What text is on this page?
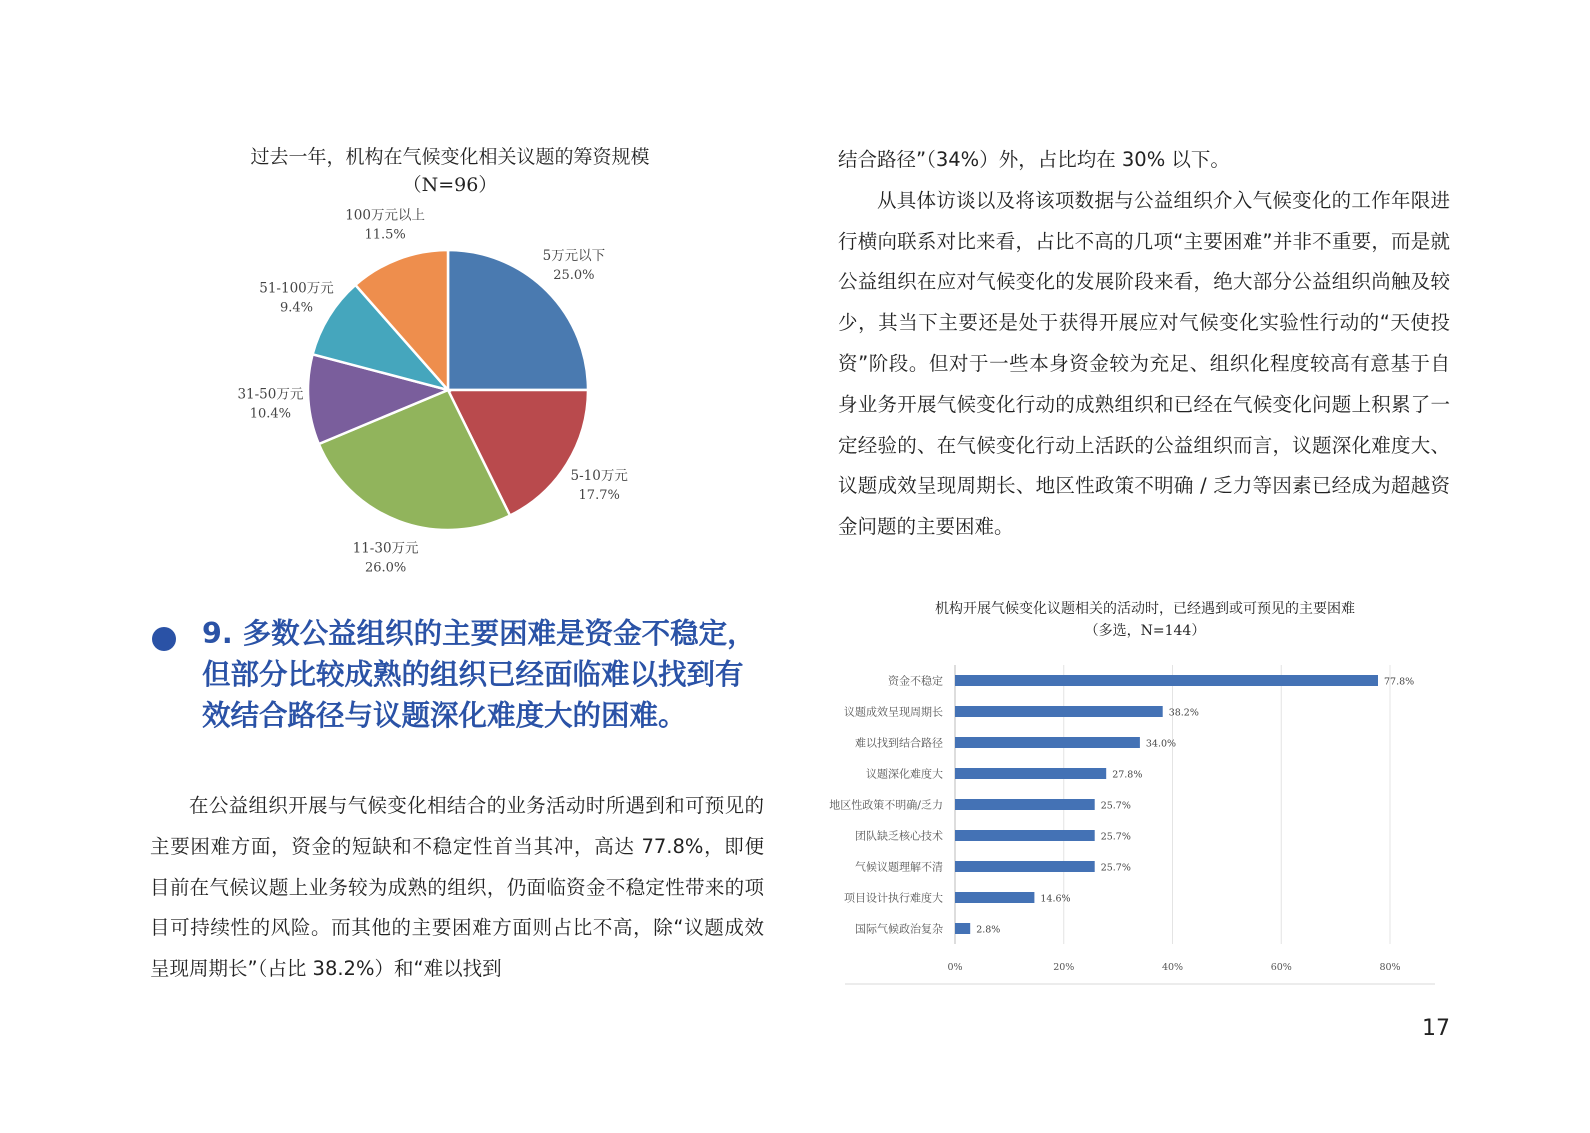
过去一年，机构在气候变化相关议题的筹资规模
（N=96）
5万元以下
25.0%
5-10万元
17.7%
11-30万元
26.0%
31-50万元
10.4%
51-100万元
9.4%
100万元以上
11.5%

结合路径”（34%）外，占比均在 30% 以下。

从具体访谈以及将该项数据与公益组织介入气候变化的工作年限进行横向联系对比来看，占比不高的几项“主要困难”并非不重要，而是就公益组织在应对气候变化的发展阶段来看，绝大部分公益组织尚触及较少，其当下主要还是处于获得开展应对气候变化实验性行动的“天使投资”阶段。但对于一些本身资金较为充足、组织化程度较高有意基于自身业务开展气候变化行动的成熟组织和已经在气候变化问题上积累了一定经验的、在气候变化行动上活跃的公益组织而言，议题深化难度大、议题成效呈现周期长、地区性政策不明确 / 乏力等因素已经成为超越资金问题的主要困难。

9. 多数公益组织的主要困难是资金不稳定，但部分比较成熟的组织已经面临难以找到有效结合路径与议题深化难度大的困难。

在公益组织开展与气候变化相结合的业务活动时所遇到和可预见的主要困难方面，资金的短缺和不稳定性首当其冲，高达 77.8%，即便目前在气候议题上业务较为成熟的组织，仍面临资金不稳定性带来的项目可持续性的风险。而其他的主要困难方面则占比不高，除“议题成效呈现周期长”（占比 38.2%）和“难以找到

机构开展气候变化议题相关的活动时，已经遇到或可预见的主要困难
（多选，N=144）
0%	20%	40%	60%	80%
资金不稳定	77.8%
议题成效呈现周期长	38.2%
难以找到结合路径	34.0%
议题深化难度大	27.8%
地区性政策不明确/乏力	25.7%
团队缺乏核心技术	25.7%
气候议题理解不清	25.7%
项目设计执行难度大	14.6%
国际气候政治复杂	2.8%
17
